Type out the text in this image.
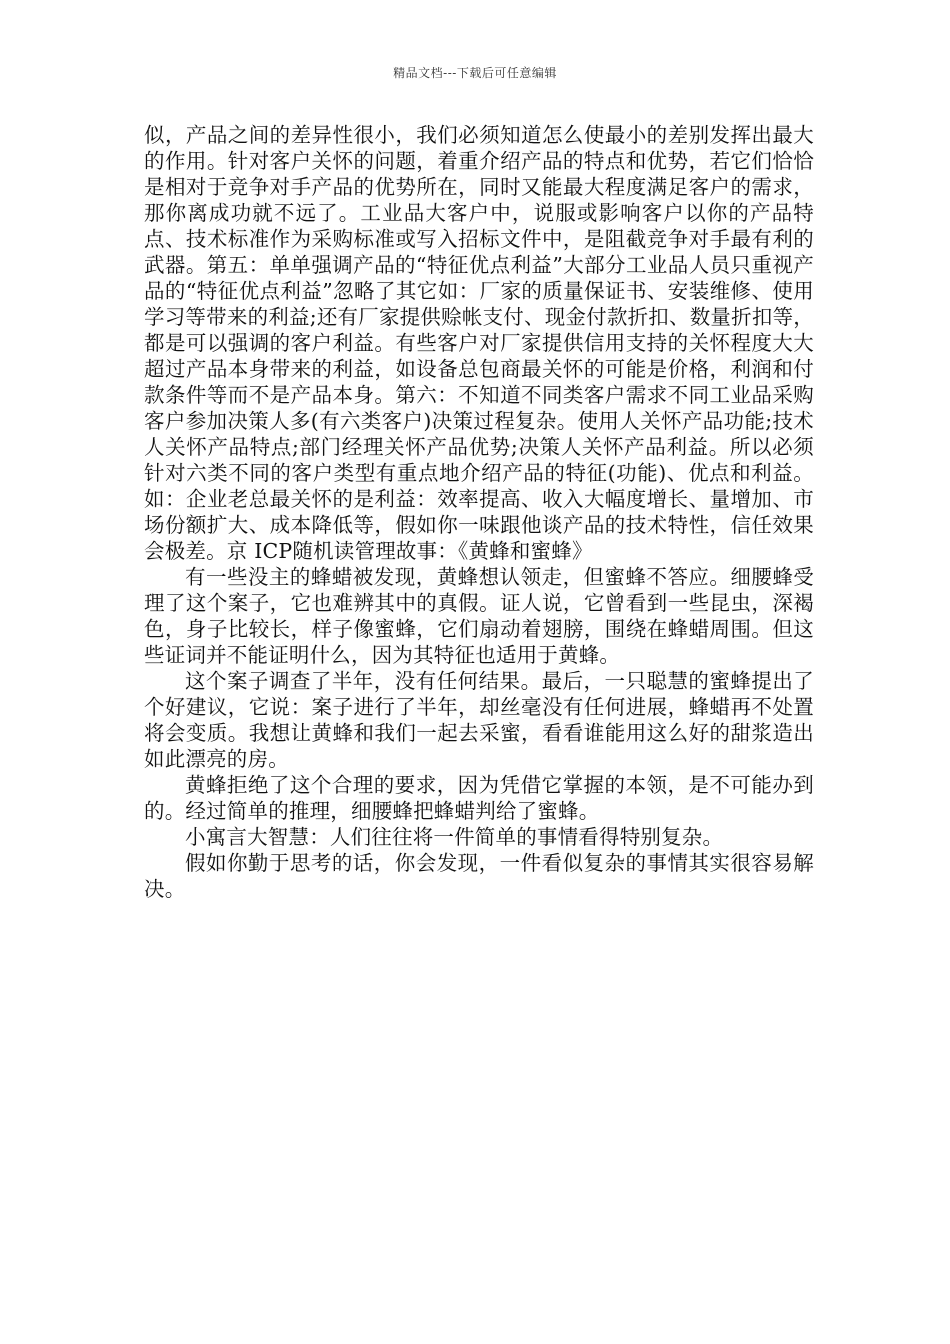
精品文档---下载后可任意编辑

似，产品之间的差异性很小，我们必须知道怎么使最小的差别发挥出最大的作用。针对客户关怀的问题，着重介绍产品的特点和优势，若它们恰恰是相对于竞争对手产品的优势所在，同时又能最大程度满足客户的需求，那你离成功就不远了。工业品大客户中，说服或影响客户以你的产品特点、技术标准作为采购标准或写入招标文件中，是阻截竞争对手最有利的武器。第五：单单强调产品的“特征优点利益”大部分工业品人员只重视产品的“特征优点利益”忽略了其它如：厂家的质量保证书、安装维修、使用学习等带来的利益;还有厂家提供赊帐支付、现金付款折扣、数量折扣等，都是可以强调的客户利益。有些客户对厂家提供信用支持的关怀程度大大超过产品本身带来的利益，如设备总包商最关怀的可能是价格，利润和付款条件等而不是产品本身。第六：不知道不同类客户需求不同工业品采购客户参加决策人多(有六类客户)决策过程复杂。使用人关怀产品功能;技术人关怀产品特点;部门经理关怀产品优势;决策人关怀产品利益。所以必须针对六类不同的客户类型有重点地介绍产品的特征(功能)、优点和利益。如：企业老总最关怀的是利益：效率提高、收入大幅度增长、量增加、市场份额扩大、成本降低等，假如你一味跟他谈产品的技术特性，信任效果会极差。京 ICP随机读管理故事：《黄蜂和蜜蜂》

有一些没主的蜂蜡被发现，黄蜂想认领走，但蜜蜂不答应。细腰蜂受理了这个案子，它也难辨其中的真假。证人说，它曾看到一些昆虫，深褐色，身子比较长，样子像蜜蜂，它们扇动着翅膀，围绕在蜂蜡周围。但这些证词并不能证明什么，因为其特征也适用于黄蜂。

这个案子调查了半年，没有任何结果。最后，一只聪慧的蜜蜂提出了个好建议，它说：案子进行了半年，却丝毫没有任何进展，蜂蜡再不处置将会变质。我想让黄蜂和我们一起去采蜜，看看谁能用这么好的甜浆造出如此漂亮的房。

黄蜂拒绝了这个合理的要求，因为凭借它掌握的本领，是不可能办到的。经过简单的推理，细腰蜂把蜂蜡判给了蜜蜂。

小寓言大智慧：人们往往将一件简单的事情看得特别复杂。

假如你勤于思考的话，你会发现，一件看似复杂的事情其实很容易解决。
